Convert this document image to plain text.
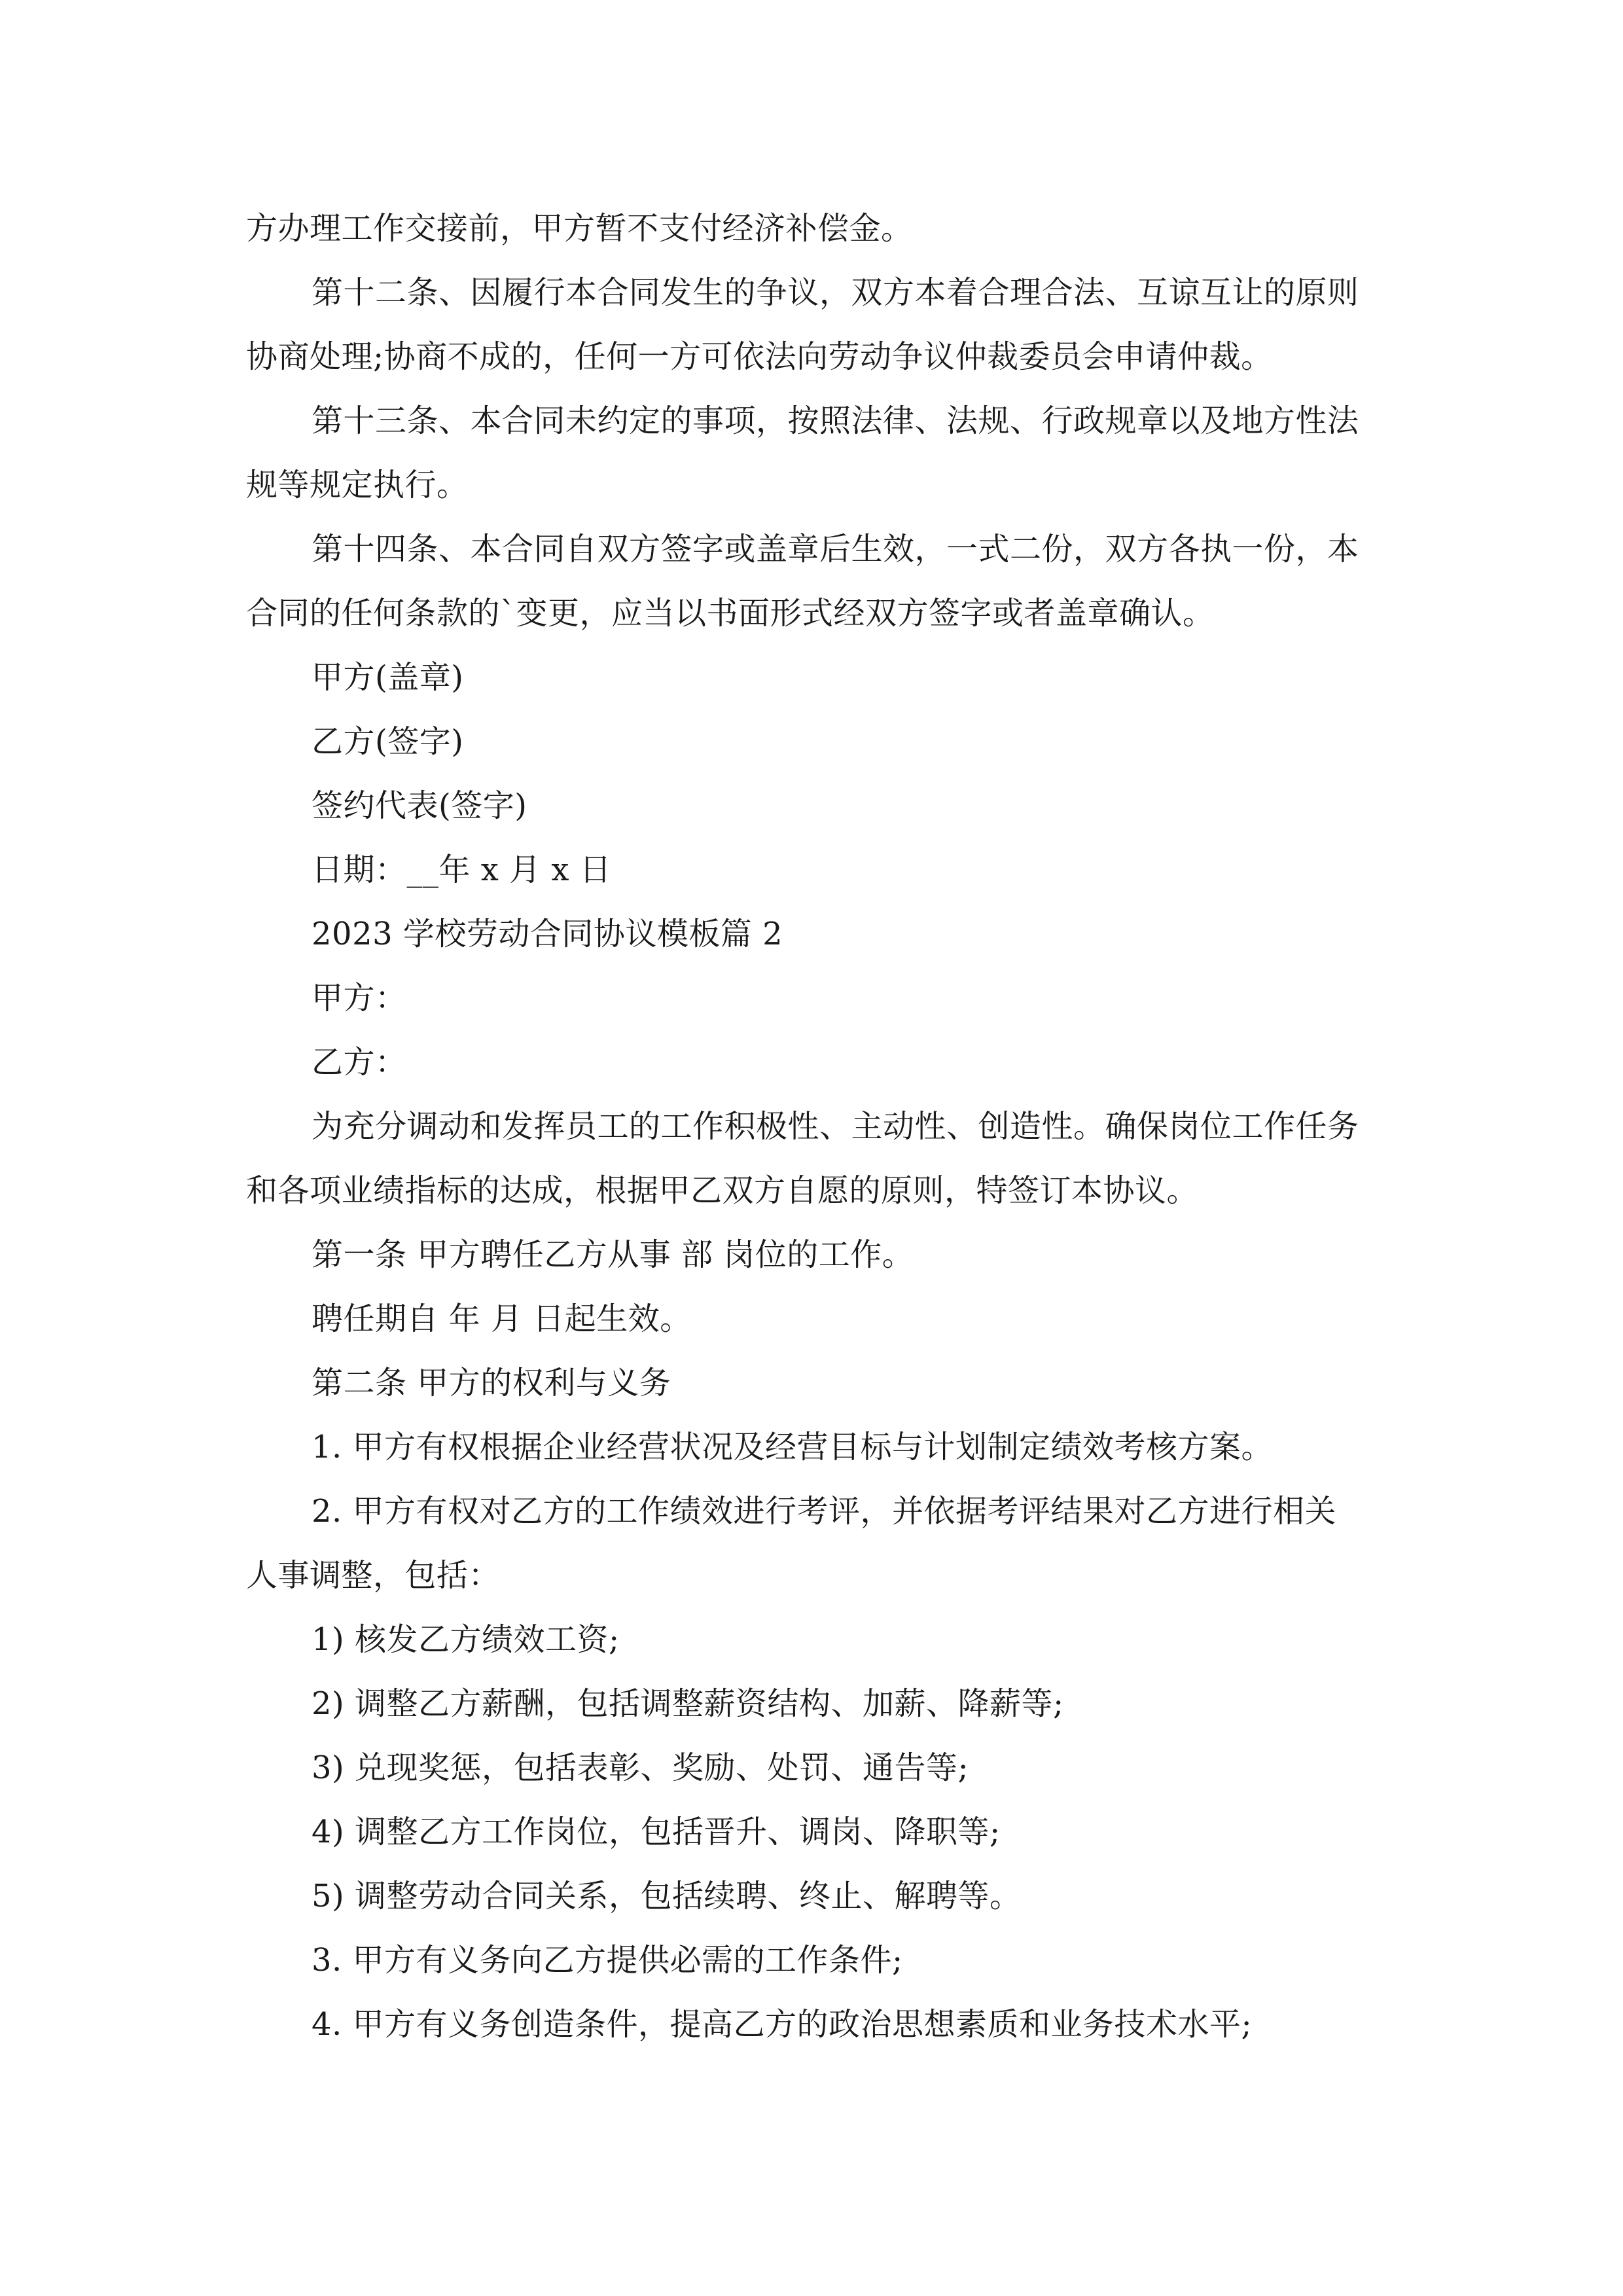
方办理工作交接前，甲方暂不支付经济补偿金。
第十二条、因履行本合同发生的争议，双方本着合理合法、互谅互让的原则
协商处理;协商不成的，任何一方可依法向劳动争议仲裁委员会申请仲裁。
第十三条、本合同未约定的事项，按照法律、法规、行政规章以及地方性法
规等规定执行。
第十四条、本合同自双方签字或盖章后生效，一式二份，双方各执一份，本
合同的任何条款的`变更，应当以书面形式经双方签字或者盖章确认。
甲方(盖章)
乙方(签字)
签约代表(签字)
日期：__年 x 月 x 日
2023 学校劳动合同协议模板篇 2
甲方：
乙方：
为充分调动和发挥员工的工作积极性、主动性、创造性。确保岗位工作任务
和各项业绩指标的达成，根据甲乙双方自愿的原则，特签订本协议。
第一条 甲方聘任乙方从事 部 岗位的工作。
聘任期自 年 月 日起生效。
第二条 甲方的权利与义务
1. 甲方有权根据企业经营状况及经营目标与计划制定绩效考核方案。
2. 甲方有权对乙方的工作绩效进行考评，并依据考评结果对乙方进行相关
人事调整，包括：
1) 核发乙方绩效工资;
2) 调整乙方薪酬，包括调整薪资结构、加薪、降薪等;
3) 兑现奖惩，包括表彰、奖励、处罚、通告等;
4) 调整乙方工作岗位，包括晋升、调岗、降职等;
5) 调整劳动合同关系，包括续聘、终止、解聘等。
3. 甲方有义务向乙方提供必需的工作条件;
4. 甲方有义务创造条件，提高乙方的政治思想素质和业务技术水平;
